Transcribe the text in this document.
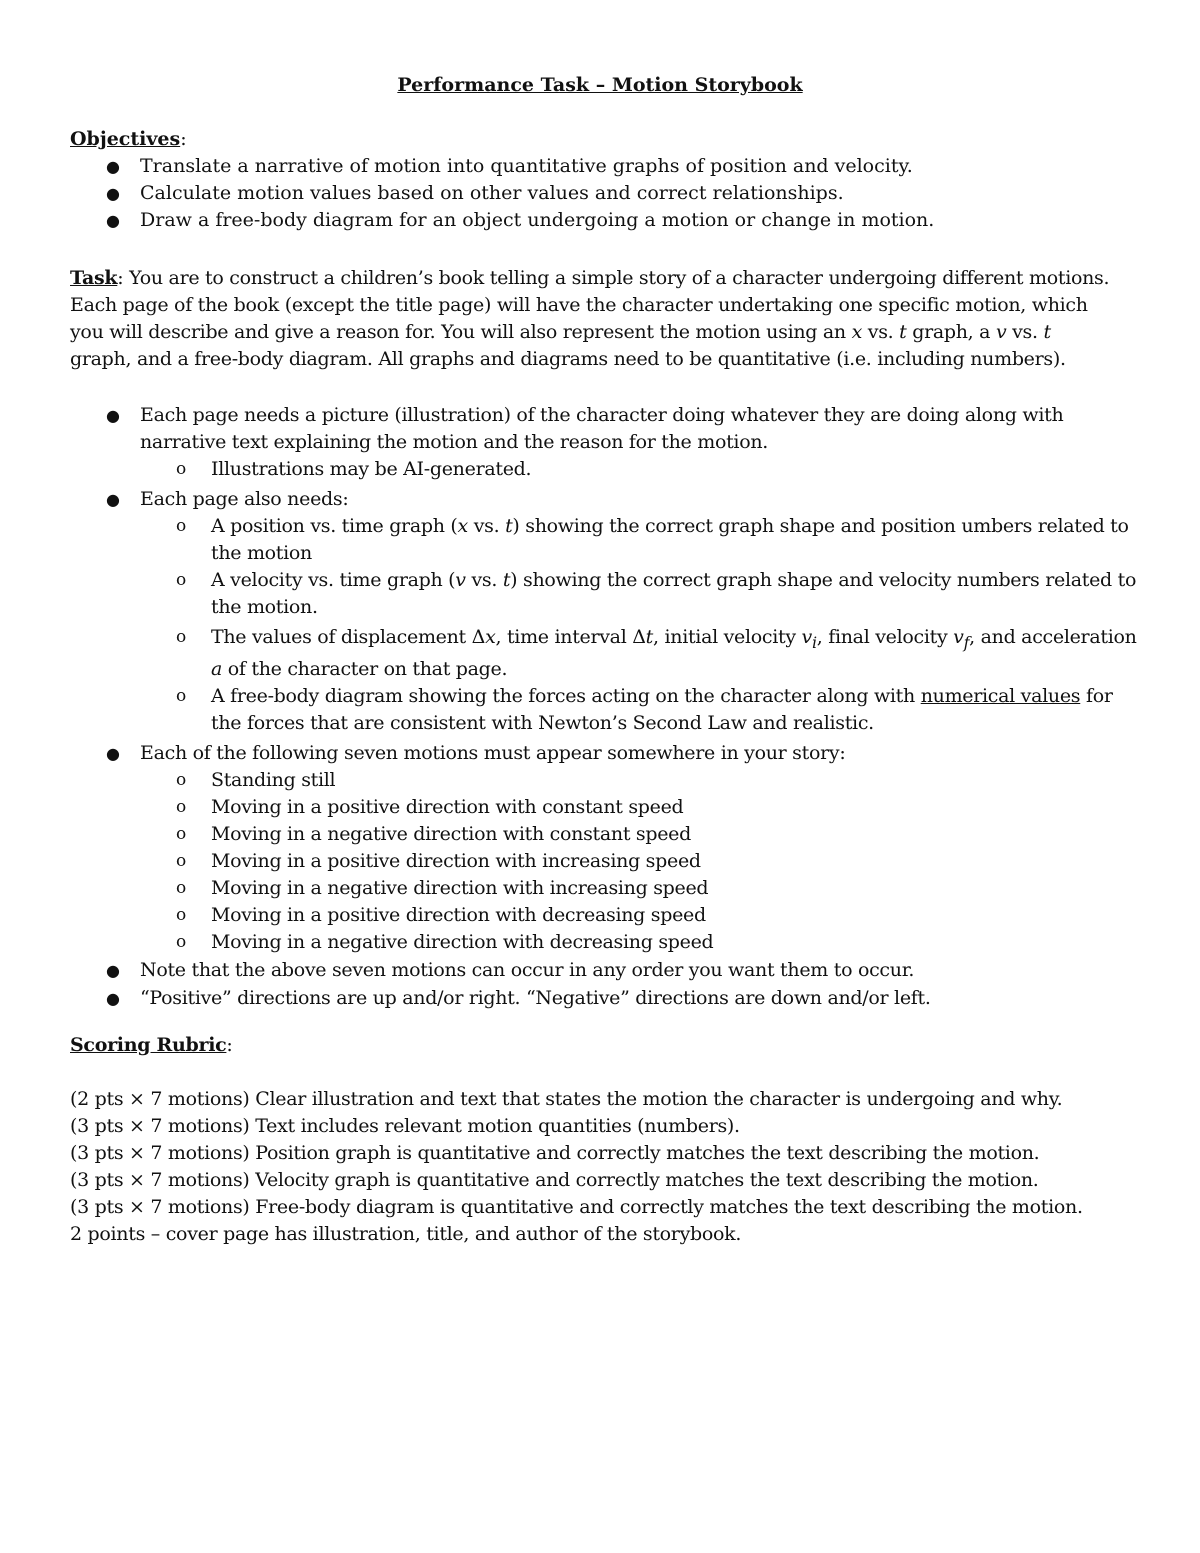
Performance Task – Motion Storybook

Objectives:

● Translate a narrative of motion into quantitative graphs of position and velocity.
● Calculate motion values based on other values and correct relationships.
● Draw a free-body diagram for an object undergoing a motion or change in motion.

Task: You are to construct a children’s book telling a simple story of a character undergoing different motions.

Each page of the book (except the title page) will have the character undertaking one specific motion, which

you will describe and give a reason for. You will also represent the motion using an x vs. t graph, a v vs. t

graph, and a free-body diagram. All graphs and diagrams need to be quantitative (i.e. including numbers).

● Each page needs a picture (illustration) of the character doing whatever they are doing along with narrative text explaining the motion and the reason for the motion.
o Illustrations may be AI-generated.
● Each page also needs:
o A position vs. time graph (x vs. t) showing the correct graph shape and position umbers related to the motion
o A velocity vs. time graph (v vs. t) showing the correct graph shape and velocity numbers related to the motion.
o The values of displacement Δx, time interval Δt, initial velocity $v_i$, final velocity $v_f$, and acceleration a of the character on that page.
o A free-body diagram showing the forces acting on the character along with numerical values for the forces that are consistent with Newton’s Second Law and realistic.
● Each of the following seven motions must appear somewhere in your story:
o Standing still
o Moving in a positive direction with constant speed
o Moving in a negative direction with constant speed
o Moving in a positive direction with increasing speed
o Moving in a negative direction with increasing speed
o Moving in a positive direction with decreasing speed
o Moving in a negative direction with decreasing speed
● Note that the above seven motions can occur in any order you want them to occur.
● “Positive” directions are up and/or right. “Negative” directions are down and/or left.

Scoring Rubric:

(2 pts × 7 motions) Clear illustration and text that states the motion the character is undergoing and why.

(3 pts × 7 motions) Text includes relevant motion quantities (numbers).

(3 pts × 7 motions) Position graph is quantitative and correctly matches the text describing the motion.

(3 pts × 7 motions) Velocity graph is quantitative and correctly matches the text describing the motion.

(3 pts × 7 motions) Free-body diagram is quantitative and correctly matches the text describing the motion.

2 points – cover page has illustration, title, and author of the storybook.
